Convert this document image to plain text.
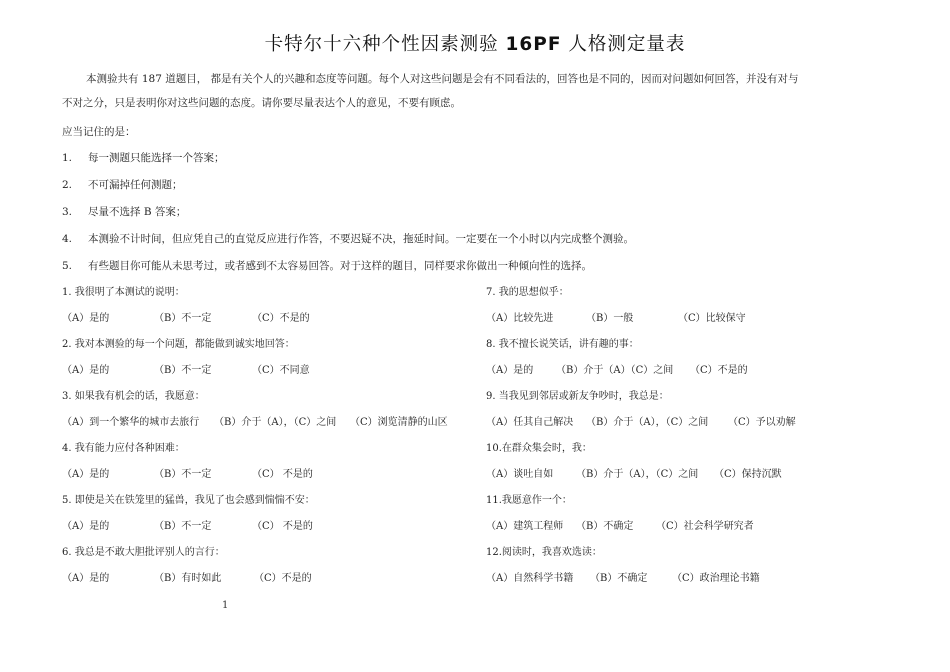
卡特尔十六种个性因素测验 16PF 人格测定量表
本测验共有 187 道题目， 都是有关个人的兴趣和态度等问题。每个人对这些问题是会有不同看法的，回答也是不同的，因而对问题如何回答，并没有对与
不对之分，只是表明你对这些问题的态度。请你要尽量表达个人的意见，不要有顾虑。
应当记住的是：
1. 每一测题只能选择一个答案；
2. 不可漏掉任何测题；
3. 尽量不选择 B 答案；
4. 本测验不计时间，但应凭自己的直觉反应进行作答，不要迟疑不决，拖延时间。一定要在一个小时以内完成整个测验。
5. 有些题目你可能从未思考过，或者感到不太容易回答。对于这样的题目，同样要求你做出一种倾向性的选择。
1. 我很明了本测试的说明：
（A）是的	（B）不一定	（C）不是的
2. 我对本测验的每一个问题，都能做到诚实地回答：
（A）是的	（B）不一定	（C）不同意
3. 如果我有机会的话，我愿意：
（A）到一个繁华的城市去旅行 （B）介于（A），（C）之间 （C）浏览清静的山区
4. 我有能力应付各种困难：
（A）是的	（B）不一定	（C） 不是的
5. 即使是关在铁笼里的猛兽，我见了也会感到惴惴不安：
（A）是的	（B）不一定	（C） 不是的
6. 我总是不敢大胆批评别人的言行：
（A）是的	（B）有时如此	（C）不是的
7. 我的思想似乎：
（A）比较先进	（B）一般	（C）比较保守
8. 我不擅长说笑话，讲有趣的事：
（A）是的 （B）介于（A）（C）之间 （C）不是的
9. 当我见到邻居或新友争吵时，我总是：
（A）任其自己解决 （B）介于（A），（C）之间 （C）予以劝解
10.在群众集会时，我：
（A）谈吐自如 （B）介于（A），（C）之间 （C）保持沉默
11.我愿意作一个：
（A）建筑工程师 （B）不确定 （C）社会科学研究者
12.阅读时，我喜欢选读：
（A）自然科学书籍 （B）不确定 （C）政治理论书籍
1
